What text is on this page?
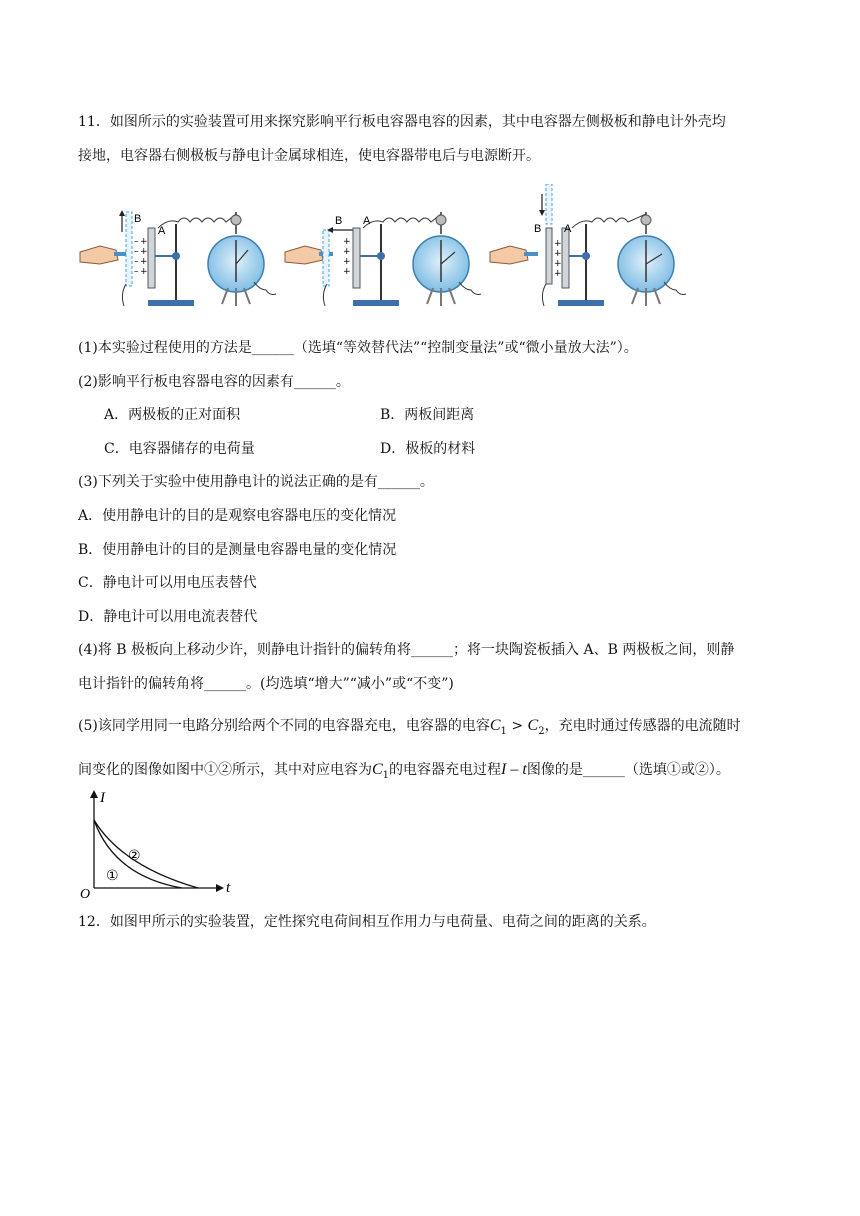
11．如图所示的实验装置可用来探究影响平行板电容器电容的因素，其中电容器左侧极板和静电计外壳均
接地，电容器右侧极板与静电计金属球相连，使电容器带电后与电源断开。
B
A
+
+
+
+
–
–
–
–
B A
+
+
+
+
B A
+
+
+
+
(1)本实验过程使用的方法是______（选填“等效替代法”“控制变量法”或“微小量放大法”）。
(2)影响平行板电容器电容的因素有______。
A．两极板的正对面积	B．两板间距离
C．电容器储存的电荷量	D．极板的材料
(3)下列关于实验中使用静电计的说法正确的是有______。
A．使用静电计的目的是观察电容器电压的变化情况
B．使用静电计的目的是测量电容器电量的变化情况
C．静电计可以用电压表替代
D．静电计可以用电流表替代
(4)将 B 极板向上移动少许，则静电计指针的偏转角将______；将一块陶瓷板插入 A、B 两极板之间，则静
电计指针的偏转角将______。(均选填“增大”“减小”或“不变”)
(5)该同学用同一电路分别给两个不同的电容器充电，电容器的电容$C_1 > C_2$，充电时通过传感器的电流随时
间变化的图像如图中①②所示，其中对应电容为$C_1$的电容器充电过程I – t图像的是______（选填①或②）。
I
t
O
①
②
12．如图甲所示的实验装置，定性探究电荷间相互作用力与电荷量、电荷之间的距离的关系。
